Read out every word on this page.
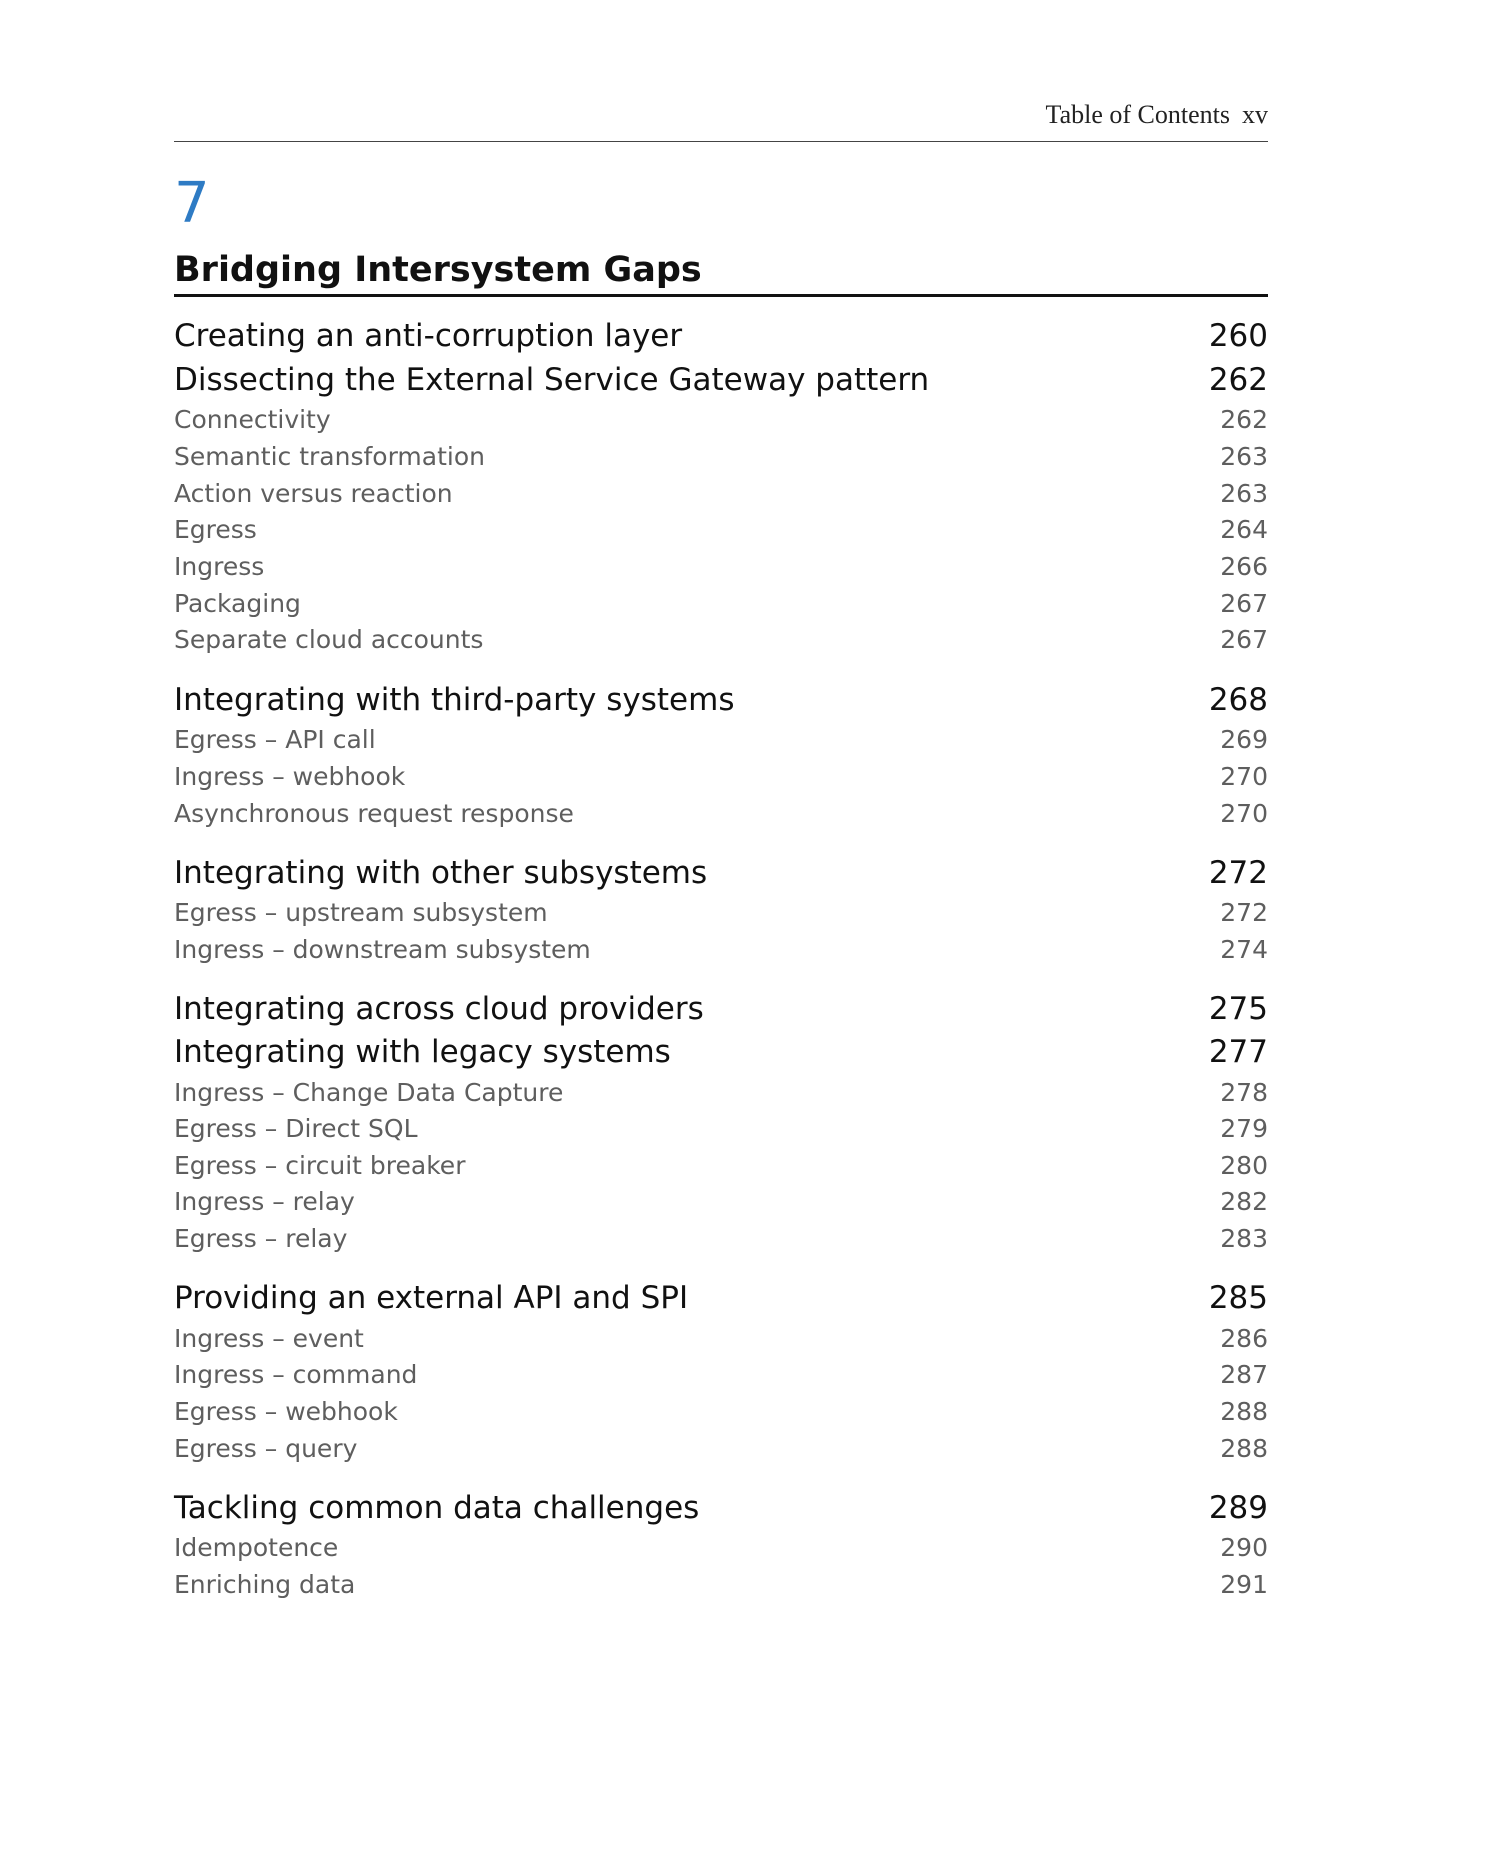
Table of Contents xv
7
Bridging Intersystem Gaps
Creating an anti-corruption layer	260
Dissecting the External Service Gateway pattern	262
Connectivity	262
Semantic transformation	263
Action versus reaction	263
Egress	264
Ingress	266
Packaging	267
Separate cloud accounts	267
Integrating with third-party systems	268
Egress – API call	269
Ingress – webhook	270
Asynchronous request response	270
Integrating with other subsystems	272
Egress – upstream subsystem	272
Ingress – downstream subsystem	274
Integrating across cloud providers	275
Integrating with legacy systems	277
Ingress – Change Data Capture	278
Egress – Direct SQL	279
Egress – circuit breaker	280
Ingress – relay	282
Egress – relay	283
Providing an external API and SPI	285
Ingress – event	286
Ingress – command	287
Egress – webhook	288
Egress – query	288
Tackling common data challenges	289
Idempotence	290
Enriching data	291
